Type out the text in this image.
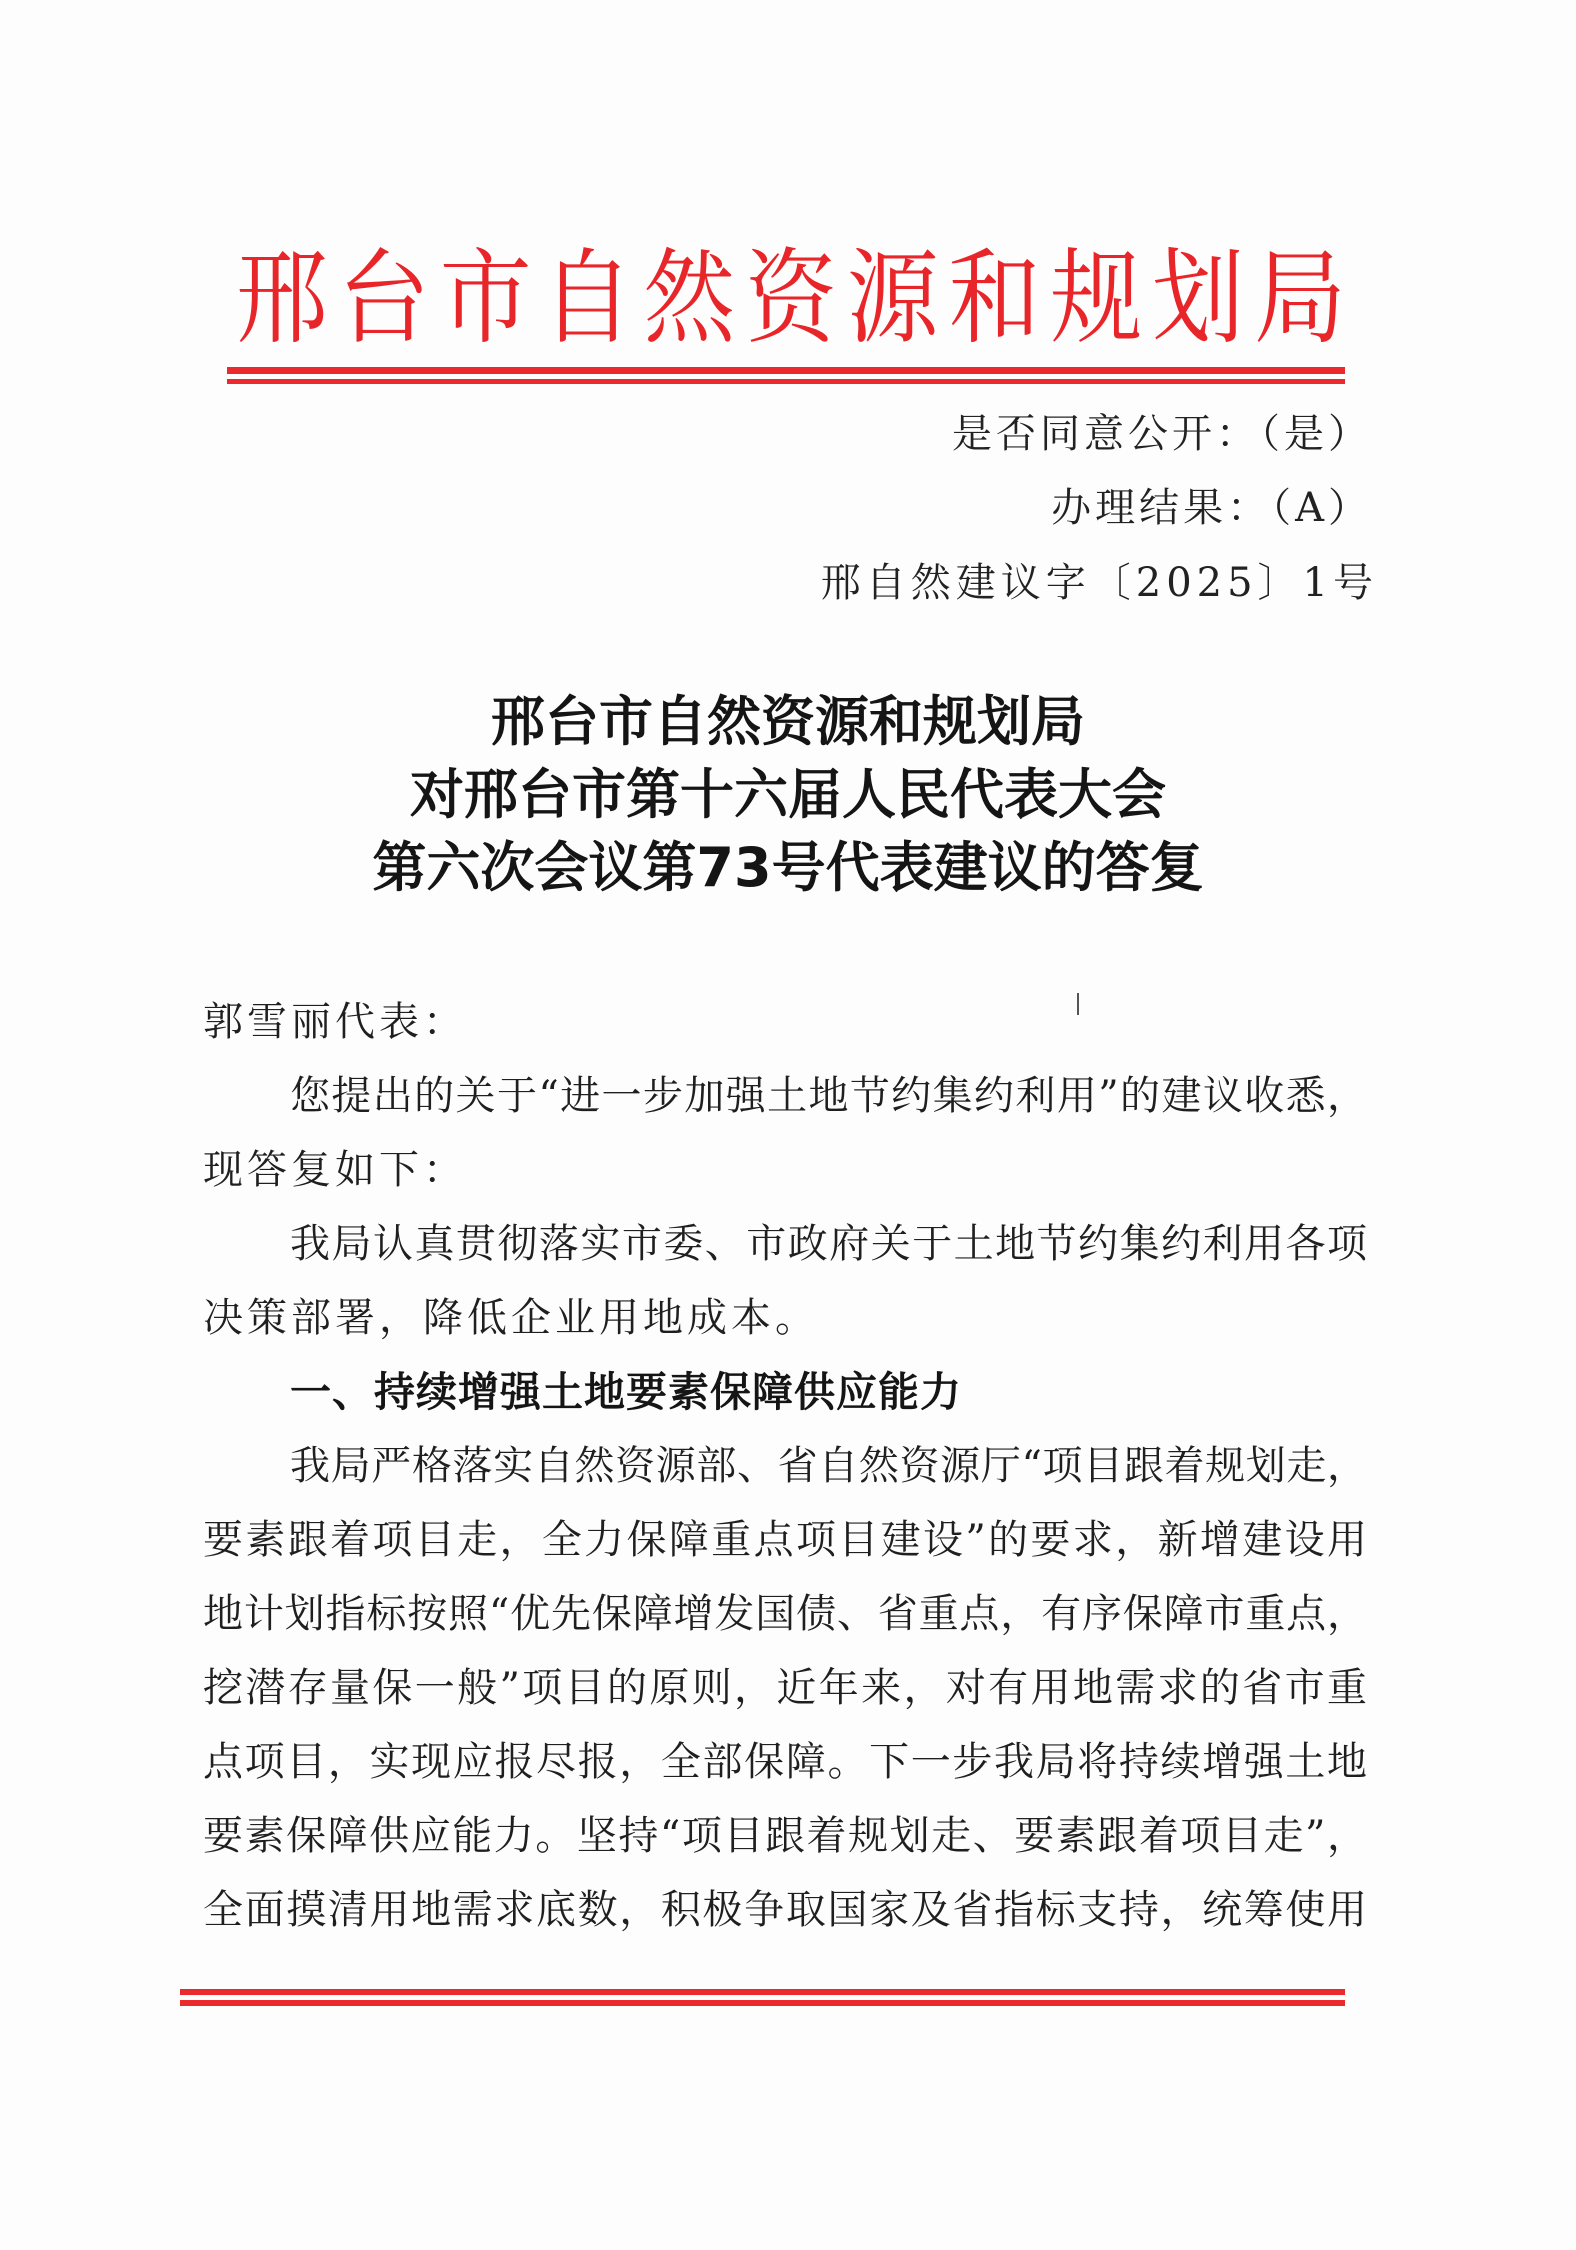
邢台市自然资源和规划局
是否同意公开：（是）
办理结果：（A）
邢自然建议字〔2025〕1号
邢台市自然资源和规划局
对邢台市第十六届人民代表大会
第六次会议第73号代表建议的答复
郭雪丽代表：
您提出的关于“进一步加强土地节约集约利用”的建议收悉，
现答复如下：
我局认真贯彻落实市委、市政府关于土地节约集约利用各项
决策部署，降低企业用地成本。
一、持续增强土地要素保障供应能力
我局严格落实自然资源部、省自然资源厅“项目跟着规划走，
要素跟着项目走，全力保障重点项目建设”的要求，新增建设用
地计划指标按照“优先保障增发国债、省重点，有序保障市重点，
挖潜存量保一般”项目的原则，近年来，对有用地需求的省市重
点项目，实现应报尽报，全部保障。下一步我局将持续增强土地
要素保障供应能力。坚持“项目跟着规划走、要素跟着项目走”，
全面摸清用地需求底数，积极争取国家及省指标支持，统筹使用
